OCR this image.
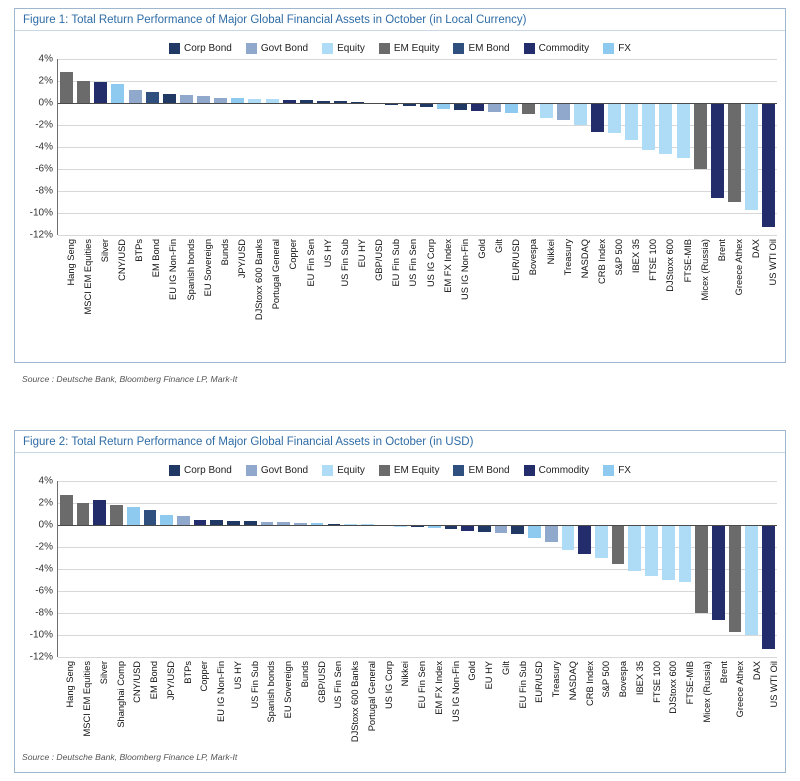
Figure 1: Total Return Performance of Major Global Financial Assets in October (in Local Currency)
Corp Bond	Govt Bond	Equity	EM Equity	EM Bond	Commodity	FX
4%
2%
0%
-2%
-4%
-6%
-8%
-10%
-12%
Hang Seng MSCI EM Equities Silver CNY/USD BTPs EM Bond EU IG Non-Fin Spanish bonds EU Sovereign Bunds JPY/USD DJStoxx 600 Banks Portugal General Copper EU Fin Sen US HY US Fin Sub EU HY GBP/USD EU Fin Sub US Fin Sen US IG Corp EM FX Index US IG Non-Fin Gold Gilt EUR/USD Bovespa Nikkei Treasury NASDAQ CRB Index S&P 500 IBEX 35 FTSE 100 DJStoxx 600 FTSE-MIB Micex (Russia) Brent Greece Athex DAX US WTI Oil
Source : Deutsche Bank, Bloomberg Finance LP, Mark-It
Figure 2: Total Return Performance of Major Global Financial Assets in October (in USD)
Corp Bond	Govt Bond	Equity	EM Equity	EM Bond	Commodity	FX
4%
2%
0%
-2%
-4%
-6%
-8%
-10%
-12%
Hang Seng MSCI EM Equities Silver Shanghai Comp CNY/USD EM Bond JPY/USD BTPs Copper EU IG Non-Fin US HY US Fin Sub Spanish bonds EU Sovereign Bunds GBP/USD US Fin Sen DJStoxx 600 Banks Portugal General US IG Corp Nikkei EU Fin Sen EM FX Index US IG Non-Fin Gold EU HY Gilt EU Fin Sub EUR/USD Treasury NASDAQ CRB Index S&P 500 Bovespa IBEX 35 FTSE 100 DJStoxx 600 FTSE-MIB Micex (Russia) Brent Greece Athex DAX US WTI Oil
Source : Deutsche Bank, Bloomberg Finance LP, Mark-It
